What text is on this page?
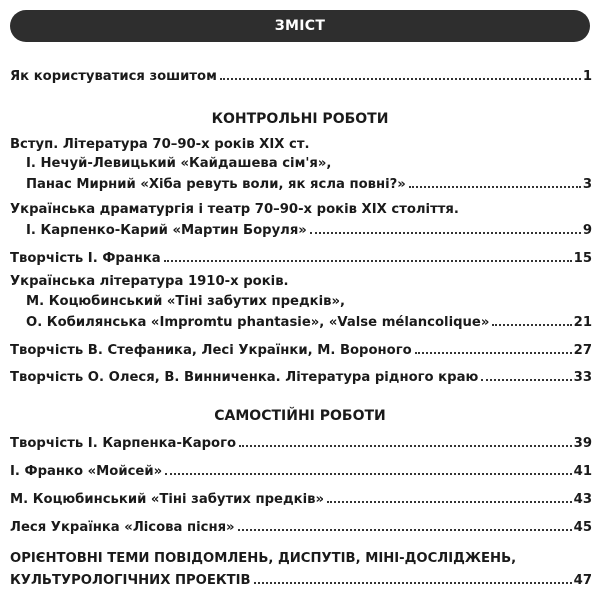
ЗМІСТ
Як користуватися зошитом	1
КОНТРОЛЬНІ РОБОТИ
Вступ. Література 70–90-х років XIX ст.
І. Нечуй-Левицький «Кайдашева сім'я»,
Панас Мирний «Хіба ревуть воли, як ясла повні?»	3
Українська драматургія і театр 70–90-х років XIX століття.
І. Карпенко-Карий «Мартин Боруля»	9
Творчість І. Франка	15
Українська література 1910-х років.
М. Коцюбинський «Тіні забутих предків»,
О. Кобилянська «Impromtu phantasie», «Valse mélancolique»	21
Творчість В. Стефаника, Лесі Українки, М. Вороного	27
Творчість О. Олеся, В. Винниченка. Література рідного краю	33
САМОСТІЙНІ РОБОТИ
Творчість І. Карпенка-Карого	39
І. Франко «Мойсей»	41
М. Коцюбинський «Тіні забутих предків»	43
Леся Українка «Лісова пісня»	45
ОРІЄНТОВНІ ТЕМИ ПОВІДОМЛЕНЬ, ДИСПУТІВ, МІНІ-ДОСЛІДЖЕНЬ,
КУЛЬТУРОЛОГІЧНИХ ПРОЕКТІВ	47
